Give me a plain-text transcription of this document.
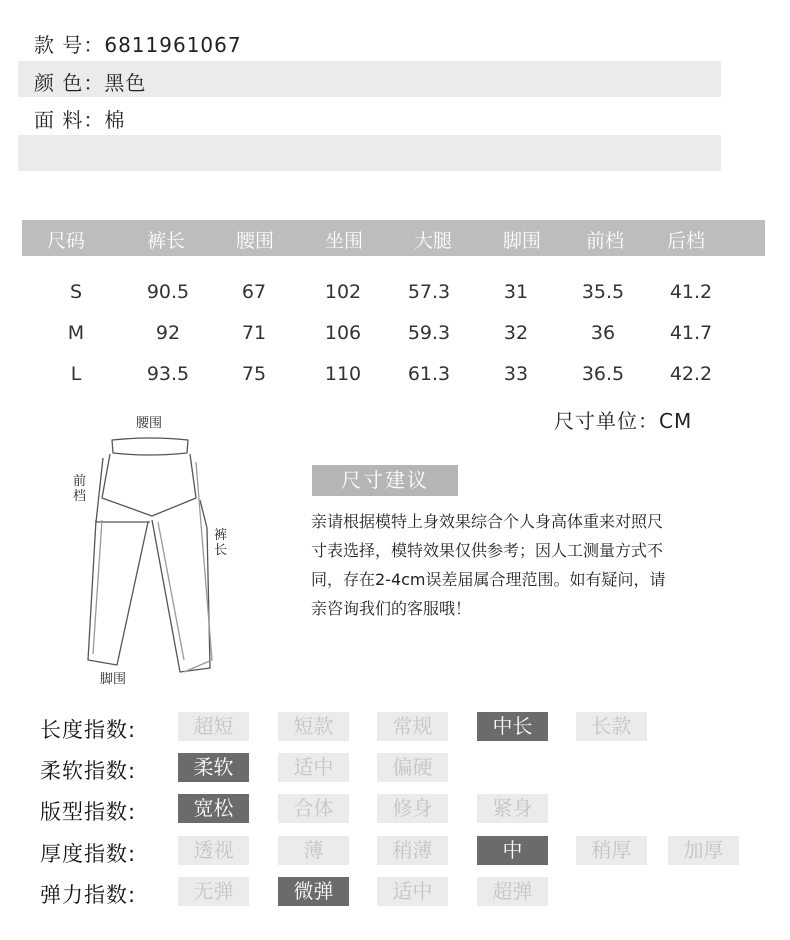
款 号：6811961067
颜 色：黑色
面 料：棉
尺码	裤长	腰围	坐围	大腿	脚围	前档	后档
S	90.5	67	102	57.3	31	35.5	41.2
M	92	71	106	59.3	32	36	41.7
L	93.5	75	110	61.3	33	36.5	42.2
尺寸单位：CM
腰围
前档
裤长
脚围
尺寸建议
亲请根据模特上身效果综合个人身高体重来对照尺
寸表选择，模特效果仅供参考；因人工测量方式不
同，存在2-4cm误差届属合理范围。如有疑问，请
亲咨询我们的客服哦！
长度指数:	超短	短款	常规	中长	长款
柔软指数:	柔软	适中	偏硬
版型指数:	宽松	合体	修身	紧身
厚度指数:	透视	薄	稍薄	中	稍厚	加厚
弹力指数:	无弹	微弹	适中	超弹
